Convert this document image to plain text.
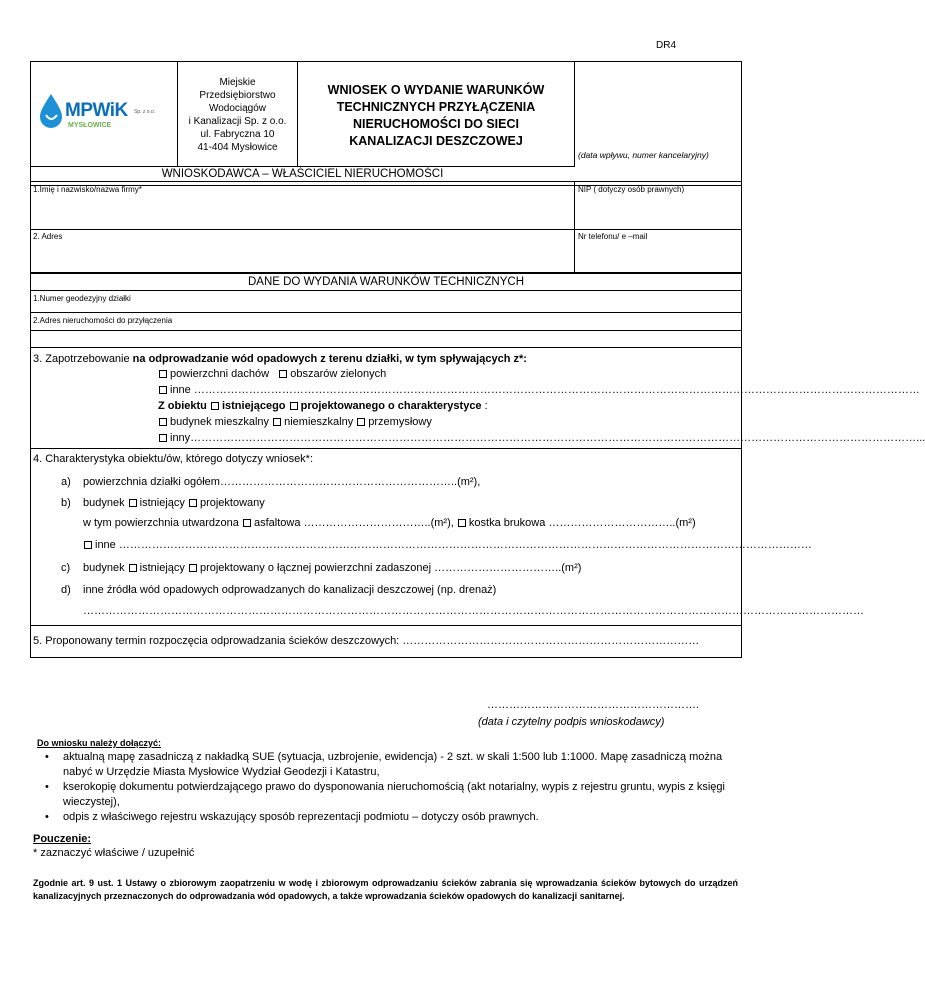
DR4
MPWiK Sp. z o.o.
MYSŁOWICE
Miejskie
Przedsiębiorstwo
Wodociągów
i Kanalizacji Sp. z o.o.
ul. Fabryczna 10
41-404 Mysłowice
WNIOSEK O WYDANIE WARUNKÓW
TECHNICZNYCH PRZYŁĄCZENIA
NIERUCHOMOŚCI DO SIECI
KANALIZACJI DESZCZOWEJ
(data wpływu, numer kancelaryjny)
WNIOSKODAWCA – WŁAŚCICIEL NIERUCHOMOŚCI
1.Imię i nazwisko/nazwa firmy*	NIP ( dotyczy osób prawnych)
2. Adres	Nr telefonu/ e –mail
DANE DO WYDANIA WARUNKÓW TECHNICZNYCH
1.Numer geodezyjny działki
2.Adres nieruchomości do przyłączenia
3. Zapotrzebowanie na odprowadzanie wód opadowych z terenu działki, w tym spływających z*:
powierzchni dachów obszarów zielonych
inne ………………………………………………………………………………………………………………………………………………………………………………
Z obiektu istniejącego projektowanego o charakterystyce :
budynek mieszkalny niemieszkalny przemysłowy
inny………………………………………………………………………………………………………………………………………………………………………………...
4. Charakterystyka obiektu/ów, którego dotyczy wniosek*:
a) powierzchnia działki ogółem………………………………………………………..(m²),
b) budynek istniejący projektowany
w tym powierzchnia utwardzona asfaltowa ……………………………..(m²), kostka brukowa ……………………………..(m²)
inne ………………………………………………………………………………………………………………………………………………………………………
c) budynek istniejący projektowany o łącznej powierzchni zadaszonej ……………………………..(m²)
d) inne źródła wód opadowych odprowadzanych do kanalizacji deszczowej (np. drenaż)
……………………………………………………………………………………………………………………………………………………………………………………………
5. Proponowany termin rozpoczęcia odprowadzania ścieków deszczowych: ………………………………………………………………………
………………………………………………….
(data i czytelny podpis wnioskodawcy)
Do wniosku należy dołączyć:
• aktualną mapę zasadniczą z nakładką SUE (sytuacja, uzbrojenie, ewidencja) - 2 szt. w skali 1:500 lub 1:1000. Mapę zasadniczą można nabyć w Urzędzie Miasta Mysłowice Wydział Geodezji i Katastru,
• kserokopię dokumentu potwierdzającego prawo do dysponowania nieruchomością (akt notarialny, wypis z rejestru gruntu, wypis z księgi wieczystej),
• odpis z właściwego rejestru wskazujący sposób reprezentacji podmiotu – dotyczy osób prawnych.
Pouczenie:
* zaznaczyć właściwe / uzupełnić
Zgodnie art. 9 ust. 1 Ustawy o zbiorowym zaopatrzeniu w wodę i zbiorowym odprowadzaniu ścieków zabrania się wprowadzania ścieków bytowych do urządzeń kanalizacyjnych przeznaczonych do odprowadzania wód opadowych, a także wprowadzania ścieków opadowych do kanalizacji sanitarnej.
